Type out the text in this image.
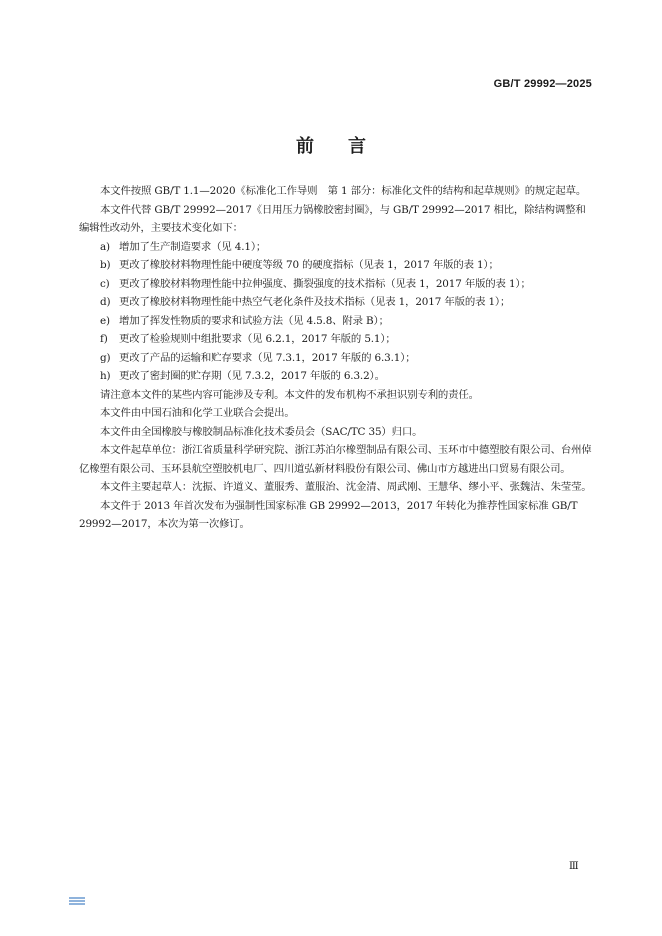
GB/T 29992—2025
前言

本文件按照 GB/T 1.1—2020《标准化工作导则　第 1 部分：标准化文件的结构和起草规则》的规定起草。

本文件代替 GB/T 29992—2017《日用压力锅橡胶密封圈》，与 GB/T 29992—2017 相比，除结构调整和编辑性改动外，主要技术变化如下：

a) 增加了生产制造要求（见 4.1）；
b) 更改了橡胶材料物理性能中硬度等级 70 的硬度指标（见表 1，2017 年版的表 1）；
c) 更改了橡胶材料物理性能中拉伸强度、撕裂强度的技术指标（见表 1，2017 年版的表 1）；
d) 更改了橡胶材料物理性能中热空气老化条件及技术指标（见表 1，2017 年版的表 1）；
e) 增加了挥发性物质的要求和试验方法（见 4.5.8、附录 B）；
f)	更改了检验规则中组批要求（见 6.2.1，2017 年版的 5.1）；
g) 更改了产品的运输和贮存要求（见 7.3.1，2017 年版的 6.3.1）；
h) 更改了密封圈的贮存期（见 7.3.2，2017 年版的 6.3.2）。

请注意本文件的某些内容可能涉及专利。本文件的发布机构不承担识别专利的责任。

本文件由中国石油和化学工业联合会提出。

本文件由全国橡胶与橡胶制品标准化技术委员会（SAC/TC 35）归口。

本文件起草单位：浙江省质量科学研究院、浙江苏泊尔橡塑制品有限公司、玉环市中德塑胶有限公司、台州倬亿橡塑有限公司、玉环县航空塑胶机电厂、四川道弘新材料股份有限公司、佛山市方越进出口贸易有限公司。

本文件主要起草人：沈振、许道义、董服秀、董服治、沈金清、周武刚、王慧华、缪小平、张魏洁、朱莹莹。

本文件于 2013 年首次发布为强制性国家标准 GB 29992—2013，2017 年转化为推荐性国家标准 GB/T 29992—2017，本次为第一次修订。

Ⅲ
